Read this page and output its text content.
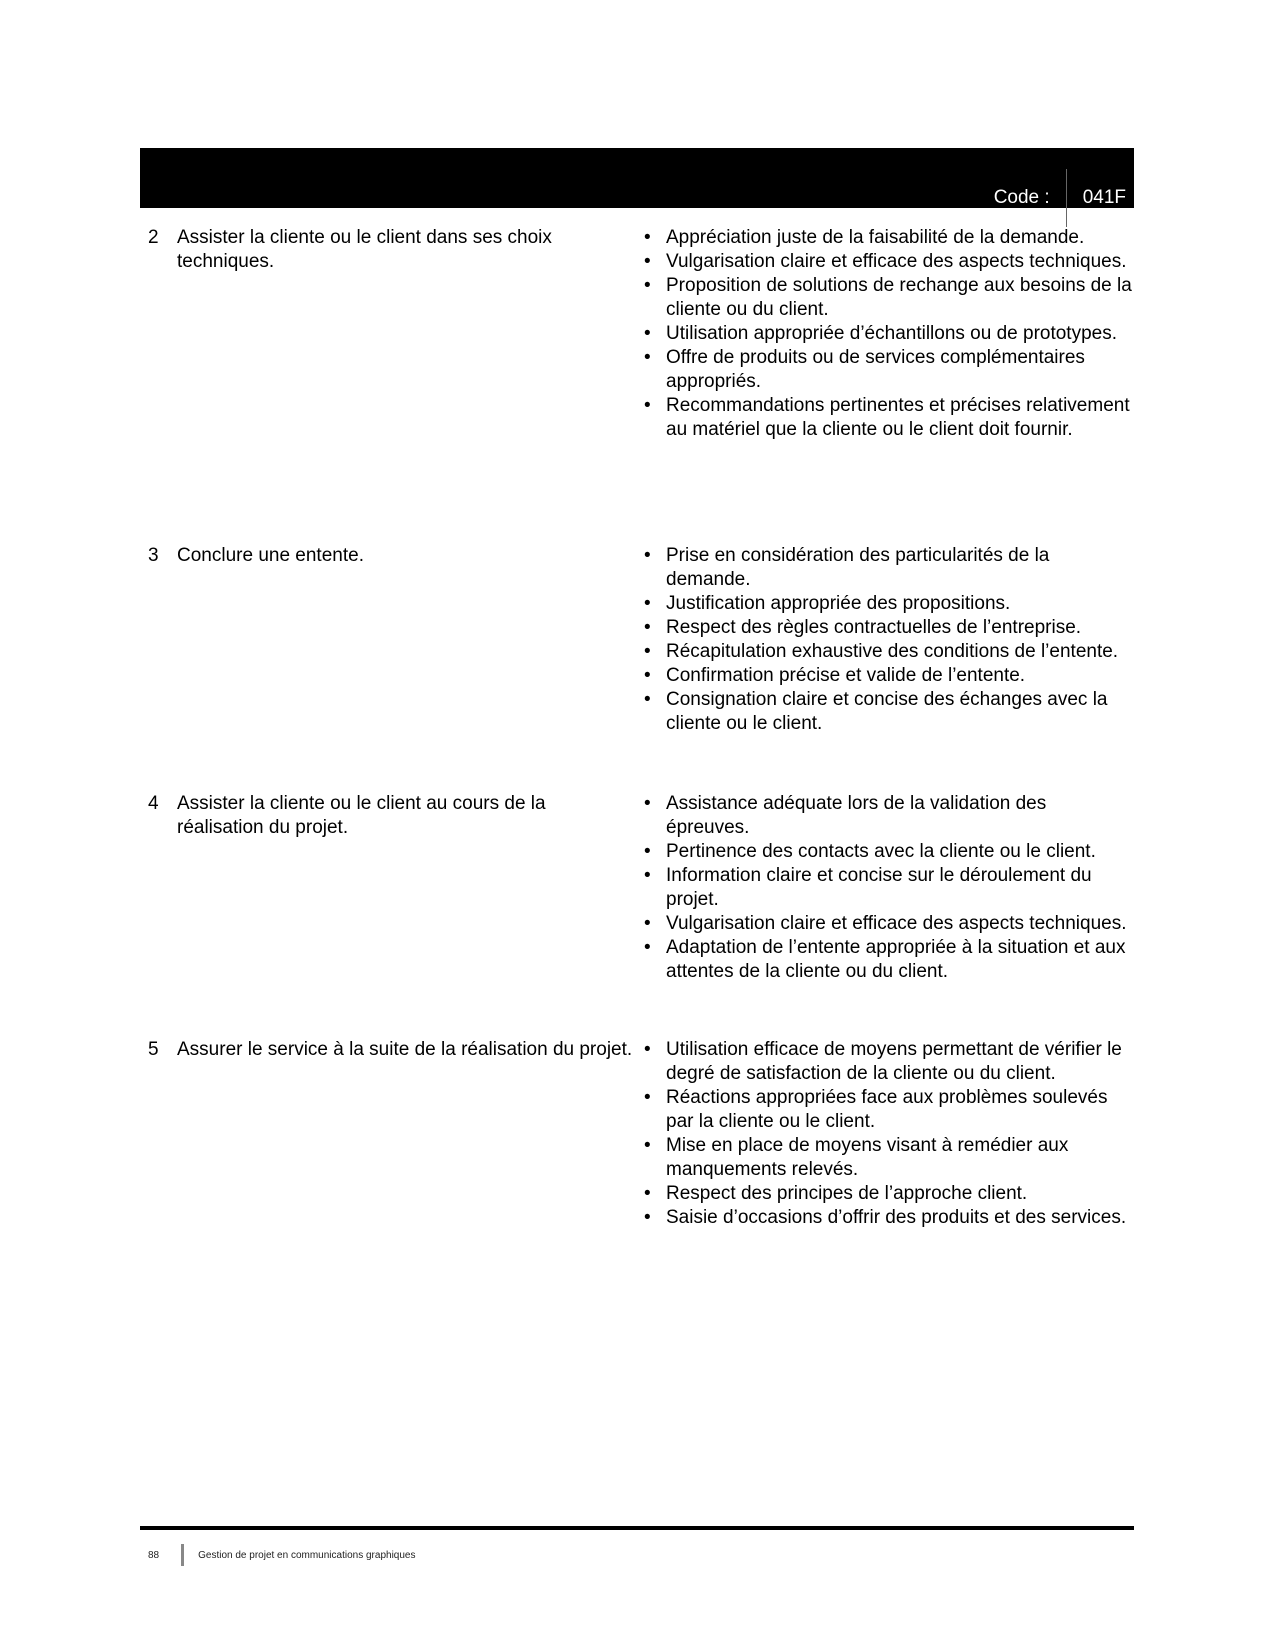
Code : 041F
2 Assister la cliente ou le client dans ses choix techniques.
• Appréciation juste de la faisabilité de la demande.
• Vulgarisation claire et efficace des aspects techniques.
• Proposition de solutions de rechange aux besoins de la cliente ou du client.
• Utilisation appropriée d’échantillons ou de prototypes.
• Offre de produits ou de services complémentaires appropriés.
• Recommandations pertinentes et précises relativement au matériel que la cliente ou le client doit fournir.
3 Conclure une entente.	• Prise en considération des particularités de la demande.
• Justification appropriée des propositions.
• Respect des règles contractuelles de l’entreprise.
• Récapitulation exhaustive des conditions de l’entente.
• Confirmation précise et valide de l’entente.
• Consignation claire et concise des échanges avec la cliente ou le client.
4 Assister la cliente ou le client au cours de la réalisation du projet.
• Assistance adéquate lors de la validation des épreuves.
• Pertinence des contacts avec la cliente ou le client.
• Information claire et concise sur le déroulement du projet.
• Vulgarisation claire et efficace des aspects techniques.
• Adaptation de l’entente appropriée à la situation et aux attentes de la cliente ou du client.
5 Assurer le service à la suite de la réalisation du projet. • Utilisation efficace de moyens permettant de vérifier le degré de satisfaction de la cliente ou du client.
• Réactions appropriées face aux problèmes soulevés par la cliente ou le client.
• Mise en place de moyens visant à remédier aux manquements relevés.
• Respect des principes de l’approche client.
• Saisie d’occasions d’offrir des produits et des services.
88	Gestion de projet en communications graphiques
